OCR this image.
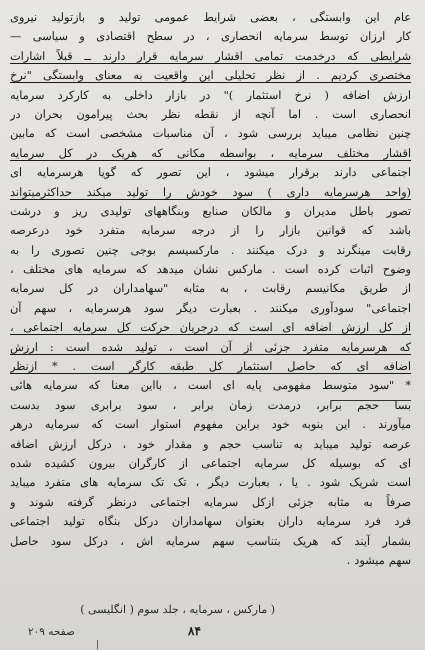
عام این وابستگی ، بعضی شرایط عمومی تولید و بازتولید نیروی
کار ارزان توسط سرمایه انحصاری ، در سطح اقتصادی و سیاسی —
شرایطی که درخدمت تمامی اقشار سرمایه قرار دارند ــ قبلاً اشارات
مختصری کردیم . از نظر تحلیلی این واقعیت به معنای وابستگی "نرخ
ارزش اضافه ( نرخ استثمار )" در بازار داخلی به کارکرد سرمایه
انحصاری است . اما آنچه از نقطه نظر بحث پیرامون بحران در
چنین نظامی میباید بررسی شود ، آن مناسبات مشخصی است که مابین
اقشار مختلف سرمایه ، بواسطه مکانی که هریک در کل سرمایه
اجتماعی دارند برقرار میشود ، این تصور که گویا هرسرمایه ای
(واحد هرسرمایه داری ) سود خودش را تولید میکند حداکثرمیتواند
تصور باطل مدیران و مالکان صنایع وبنگاههای تولیدی ریز و درشت
باشد که قوانین بازار را از درجه سرمایه متفرد خود درعرصه
رقابت مینگرند و درک میکنند . مارکسیسم بوجی چنین تصوری را به
وضوح اثبات کرده است . مارکس نشان میدهد که سرمایه های مختلف ،
از طریق مکانیسم رقابت ، به مثابه "سهامداران در کل سرمایه
اجتماعی" سودآوری میکنند . بعبارت دیگر سود هرسرمایه ، سهم آن
از کل ارزش اضافه ای است که درجریان حرکت کل سرمایه اجتماعی ،
که هرسرمایه متفرد جزئی از آن است ، تولید شده است : ارزش
اضافه ای که حاصل استثمار کل طبقه کارگر است . * ازنظر
* "سود متوسط مفهومی پایه ای است ، بااین معنا که سرمایه هائی
بسا حجم برابر، درمدت زمان برابر ، سود برابری سود بدست
میآورند . این بنوبه خود براین مفهوم استوار است که سرمایه درهر
عرصه تولید میباید به تناسب حجم و مقدار خود ، درکل ارزش اضافه
ای که بوسیله کل سرمایه اجتماعی از کارگران بیرون کشیده شده
است شریک شود . یا ، بعبارت دیگر ، تک تک سرمایه های متفرد میباید
صرفاً به مثابه جزئی ازکل سرمایه اجتماعی درنظر گرفته شوند و
فرد فرد سرمایه داران بعنوان سهامداران درکل بنگاه تولید اجتماعی
بشمار آیند که هریک بتناسب سهم سرمایه اش ، درکل سود حاصل
سهم میشود .
( مارکس ، سرمایه ، جلد سوم ( انگلیسی )
صفحه ۲۰۹	۸۴
|
